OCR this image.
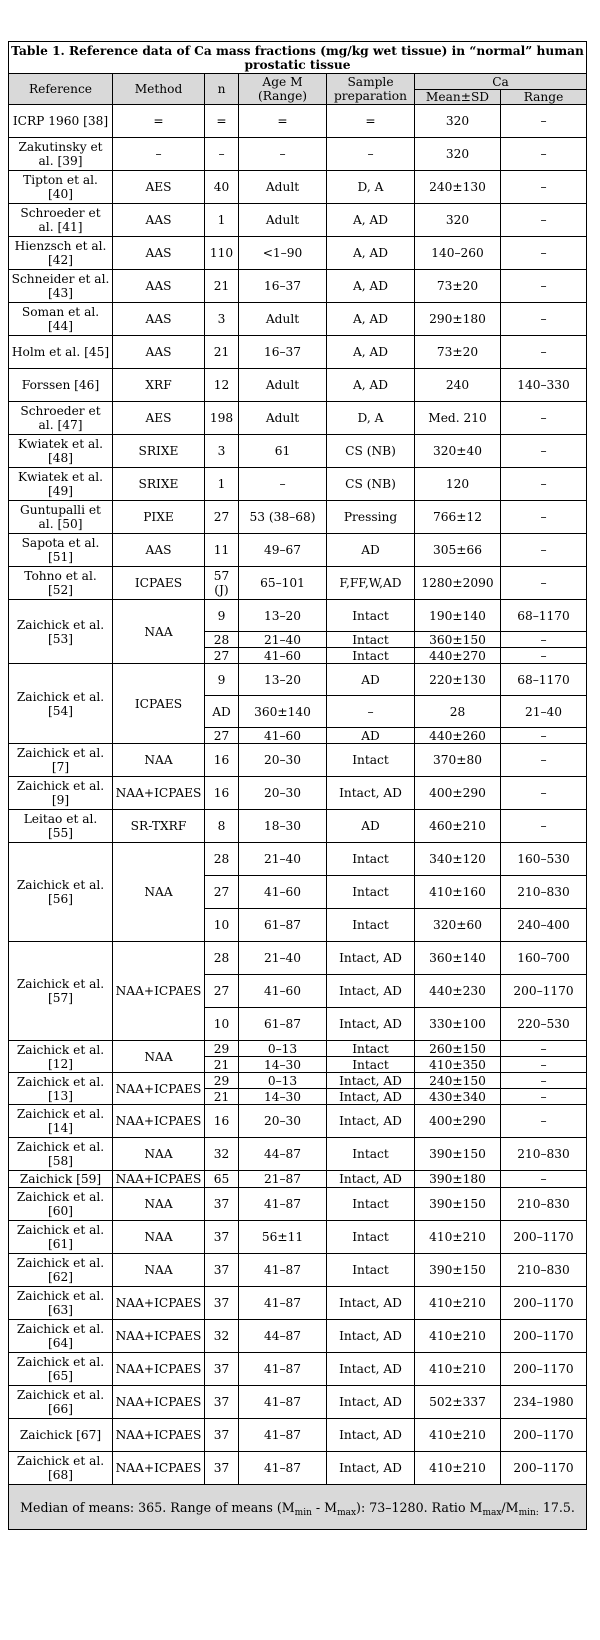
Table 1. Reference data of Ca mass fractions (mg/kg wet tissue) in “normal” human prostatic tissue						
Reference	Method	n	Age M (Range)	Sample preparation	Ca	
					Mean±SD	Range
ICRP 1960 [38]	=	=	=	=	320	–
Zakutinsky et al. [39]	–	–	–	–	320	–
Tipton et al. [40]	AES	40	Adult	D, A	240±130	–
Schroeder et al. [41]	AAS	1	Adult	A, AD	320	–
Hienzsch et al. [42]	AAS	110	<1–90	A, AD	140–260	–
Schneider et al. [43]	AAS	21	16–37	A, AD	73±20	–
Soman et al. [44]	AAS	3	Adult	A, AD	290±180	–
Holm et al. [45]	AAS	21	16–37	A, AD	73±20	–
Forssen [46]	XRF	12	Adult	A, AD	240	140–330
Schroeder et al. [47]	AES	198	Adult	D, A	Med. 210	–
Kwiatek et al. [48]	SRIXE	3	61	CS (NB)	320±40	–
Kwiatek et al. [49]	SRIXE	1	–	CS (NB)	120	–
Guntupalli et al. [50]	PIXE	27	53 (38–68)	Pressing	766±12	–
Sapota et al. [51]	AAS	11	49–67	AD	305±66	–
Tohno et al. [52]	ICPAES	57 (J)	65–101	F,FF,W,AD	1280±2090	–
Zaichick et al. [53]	NAA	9	13–20	Intact	190±140	68–1170
		28	21–40	Intact	360±150	–
		27	41–60	Intact	440±270	–
Zaichick et al. [54]	ICPAES	9	13–20	AD	220±130	68–1170
		AD	360±140	–	28	21–40
		27	41–60	AD	440±260	–
Zaichick et al. [7]	NAA	16	20–30	Intact	370±80	–
Zaichick et al. [9]	NAA+ICPAES	16	20–30	Intact, AD	400±290	–
Leitao et al. [55]	SR-TXRF	8	18–30	AD	460±210	–
Zaichick et al. [56]	NAA	28	21–40	Intact	340±120	160–530
		27	41–60	Intact	410±160	210–830
		10	61–87	Intact	320±60	240–400
Zaichick et al. [57]	NAA+ICPAES	28	21–40	Intact, AD	360±140	160–700
		27	41–60	Intact, AD	440±230	200–1170
		10	61–87	Intact, AD	330±100	220–530
Zaichick et al. [12]	NAA	29	0–13	Intact	260±150	–
		21	14–30	Intact	410±350	–
Zaichick et al. [13]	NAA+ICPAES	29	0–13	Intact, AD	240±150	–
		21	14–30	Intact, AD	430±340	–
Zaichick et al. [14]	NAA+ICPAES	16	20–30	Intact, AD	400±290	–
Zaichick et al. [58]	NAA	32	44–87	Intact	390±150	210–830
Zaichick [59]	NAA+ICPAES	65	21–87	Intact, AD	390±180	–
Zaichick et al. [60]	NAA	37	41–87	Intact	390±150	210–830
Zaichick et al. [61]	NAA	37	56±11	Intact	410±210	200–1170
Zaichick et al. [62]	NAA	37	41–87	Intact	390±150	210–830
Zaichick et al. [63]	NAA+ICPAES	37	41–87	Intact, AD	410±210	200–1170
Zaichick et al. [64]	NAA+ICPAES	32	44–87	Intact, AD	410±210	200–1170
Zaichick et al. [65]	NAA+ICPAES	37	41–87	Intact, AD	410±210	200–1170
Zaichick et al. [66]	NAA+ICPAES	37	41–87	Intact, AD	502±337	234–1980
Zaichick [67]	NAA+ICPAES	37	41–87	Intact, AD	410±210	200–1170
Zaichick et al. [68]	NAA+ICPAES	37	41–87	Intact, AD	410±210	200–1170
Median of means: 365. Range of means $(M_{min} - M_{max})$: 73–1280. Ratio $M_{max}/M_{min:}$ 17.5.						
